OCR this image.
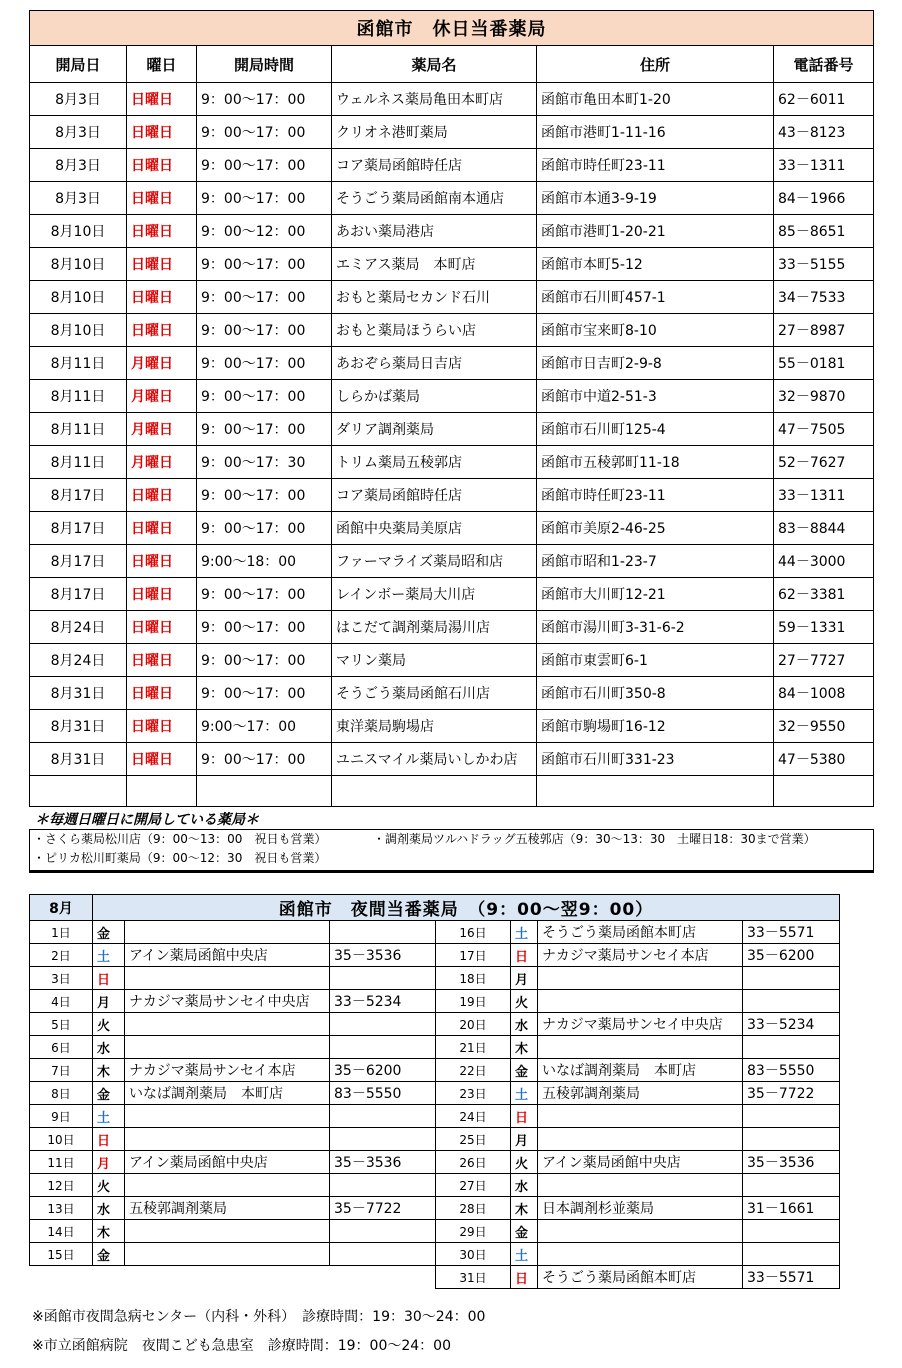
函館市　休日当番薬局					
開局日	曜日	開局時間	薬局名	住所	電話番号
8月3日	日曜日	9：00～17：00	ウェルネス薬局亀田本町店	函館市亀田本町1-20	62－6011
8月3日	日曜日	9：00～17：00	クリオネ港町薬局	函館市港町1-11-16	43－8123
8月3日	日曜日	9：00～17：00	コア薬局函館時任店	函館市時任町23-11	33－1311
8月3日	日曜日	9：00～17：00	そうごう薬局函館南本通店	函館市本通3-9-19	84－1966
8月10日	日曜日	9：00～12：00	あおい薬局港店	函館市港町1-20-21	85－8651
8月10日	日曜日	9：00～17：00	エミアス薬局　本町店	函館市本町5-12	33－5155
8月10日	日曜日	9：00～17：00	おもと薬局セカンド石川	函館市石川町457-1	34－7533
8月10日	日曜日	9：00～17：00	おもと薬局ほうらい店	函館市宝来町8-10	27－8987
8月11日	月曜日	9：00～17：00	あおぞら薬局日吉店	函館市日吉町2-9-8	55－0181
8月11日	月曜日	9：00～17：00	しらかば薬局	函館市中道2-51-3	32－9870
8月11日	月曜日	9：00～17：00	ダリア調剤薬局	函館市石川町125-4	47－7505
8月11日	月曜日	9：00～17：30	トリム薬局五稜郭店	函館市五稜郭町11-18	52－7627
8月17日	日曜日	9：00～17：00	コア薬局函館時任店	函館市時任町23-11	33－1311
8月17日	日曜日	9：00～17：00	函館中央薬局美原店	函館市美原2-46-25	83－8844
8月17日	日曜日	9:00～18：00	ファーマライズ薬局昭和店	函館市昭和1-23-7	44－3000
8月17日	日曜日	9：00～17：00	レインボー薬局大川店	函館市大川町12-21	62－3381
8月24日	日曜日	9：00～17：00	はこだて調剤薬局湯川店	函館市湯川町3-31-6-2	59－1331
8月24日	日曜日	9：00～17：00	マリン薬局	函館市東雲町6-1	27－7727
8月31日	日曜日	9：00～17：00	そうごう薬局函館石川店	函館市石川町350-8	84－1008
8月31日	日曜日	9:00～17：00	東洋薬局駒場店	函館市駒場町16-12	32－9550
8月31日	日曜日	9：00～17：00	ユニスマイル薬局いしかわ店	函館市石川町331-23	47－5380

＊毎週日曜日に開局している薬局＊
・さくら薬局松川店（9：00～13：00　祝日も営業）	・調剤薬局ツルハドラッグ五稜郭店（9：30～13：30　土曜日18：30まで営業）
・ピリカ松川町薬局（9：00～12：30　祝日も営業）
8月	函館市　夜間当番薬局　（9：00～翌9：00）						
1日	金			16日	土	そうごう薬局函館本町店	33－5571
2日	土	アイン薬局函館中央店	35－3536	17日	日	ナカジマ薬局サンセイ本店	35－6200
3日	日			18日	月		
4日	月	ナカジマ薬局サンセイ中央店	33－5234	19日	火		
5日	火			20日	水	ナカジマ薬局サンセイ中央店	33－5234
6日	水			21日	木		
7日	木	ナカジマ薬局サンセイ本店	35－6200	22日	金	いなば調剤薬局　本町店	83－5550
8日	金	いなば調剤薬局　本町店	83－5550	23日	土	五稜郭調剤薬局	35－7722
9日	土			24日	日		
10日	日			25日	月		
11日	月	アイン薬局函館中央店	35－3536	26日	火	アイン薬局函館中央店	35－3536
12日	火			27日	水		
13日	水	五稜郭調剤薬局	35－7722	28日	木	日本調剤杉並薬局	31－1661
14日	木			29日	金		
15日	金			30日	土		
				31日	日	そうごう薬局函館本町店	33－5571
※函館市夜間急病センター（内科・外科）　診療時間：19：30～24：00
※市立函館病院　夜間こども急患室　診療時間：19：00～24：00
